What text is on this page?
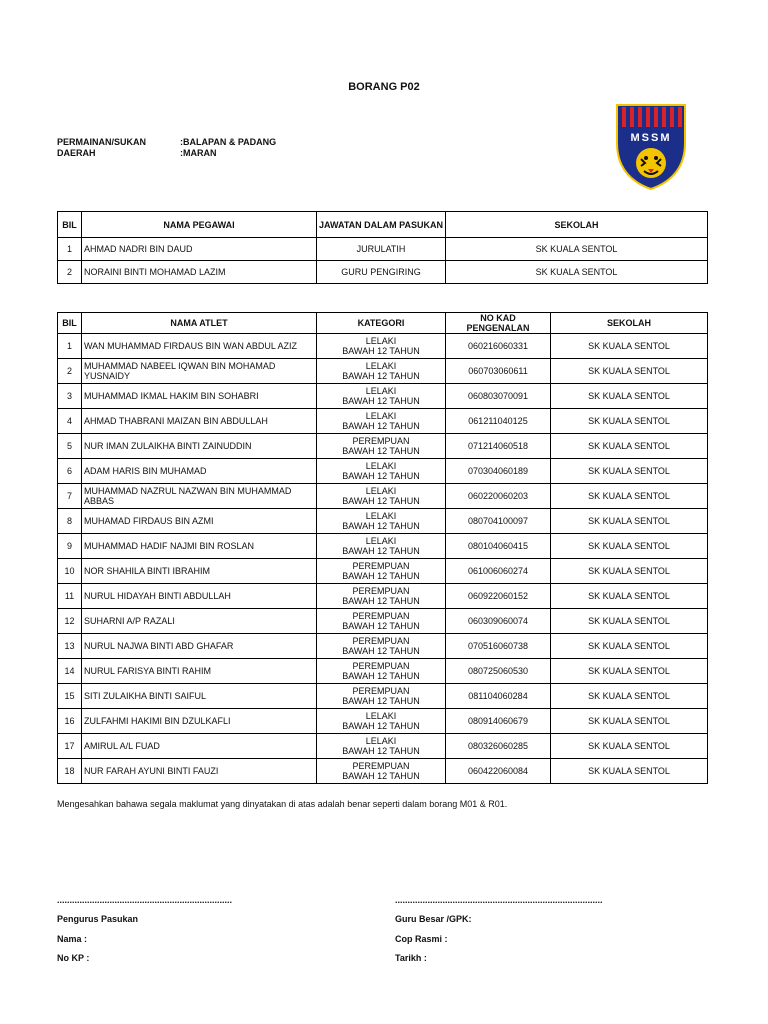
BORANG P02
PERMAINAN/SUKAN	:BALAPAN & PADANG
DAERAH	:MARAN
MSSM
BIL	NAMA PEGAWAI	JAWATAN DALAM PASUKAN	SEKOLAH
1	AHMAD NADRI BIN DAUD	JURULATIH	SK KUALA SENTOL
2	NORAINI BINTI MOHAMAD LAZIM	GURU PENGIRING	SK KUALA SENTOL
BIL	NAMA ATLET	KATEGORI	NO KAD PENGENALAN	SEKOLAH
1	WAN MUHAMMAD FIRDAUS BIN WAN ABDUL AZIZ	LELAKI
BAWAH 12 TAHUN	060216060331	SK KUALA SENTOL
2	MUHAMMAD NABEEL IQWAN BIN MOHAMAD YUSNAIDY	LELAKI
BAWAH 12 TAHUN	060703060611	SK KUALA SENTOL
3	MUHAMMAD IKMAL HAKIM BIN SOHABRI	LELAKI
BAWAH 12 TAHUN	060803070091	SK KUALA SENTOL
4	AHMAD THABRANI MAIZAN BIN ABDULLAH	LELAKI
BAWAH 12 TAHUN	061211040125	SK KUALA SENTOL
5	NUR IMAN ZULAIKHA BINTI ZAINUDDIN	PEREMPUAN
BAWAH 12 TAHUN	071214060518	SK KUALA SENTOL
6	ADAM HARIS BIN MUHAMAD	LELAKI
BAWAH 12 TAHUN	070304060189	SK KUALA SENTOL
7	MUHAMMAD NAZRUL NAZWAN BIN MUHAMMAD ABBAS	LELAKI
BAWAH 12 TAHUN	060220060203	SK KUALA SENTOL
8	MUHAMAD FIRDAUS BIN AZMI	LELAKI
BAWAH 12 TAHUN	080704100097	SK KUALA SENTOL
9	MUHAMMAD HADIF NAJMI BIN ROSLAN	LELAKI
BAWAH 12 TAHUN	080104060415	SK KUALA SENTOL
10	NOR SHAHILA BINTI IBRAHIM	PEREMPUAN
BAWAH 12 TAHUN	061006060274	SK KUALA SENTOL
11	NURUL HIDAYAH BINTI ABDULLAH	PEREMPUAN
BAWAH 12 TAHUN	060922060152	SK KUALA SENTOL
12	SUHARNI A/P RAZALI	PEREMPUAN
BAWAH 12 TAHUN	060309060074	SK KUALA SENTOL
13	NURUL NAJWA BINTI ABD GHAFAR	PEREMPUAN
BAWAH 12 TAHUN	070516060738	SK KUALA SENTOL
14	NURUL FARISYA BINTI RAHIM	PEREMPUAN
BAWAH 12 TAHUN	080725060530	SK KUALA SENTOL
15	SITI ZULAIKHA BINTI SAIFUL	PEREMPUAN
BAWAH 12 TAHUN	081104060284	SK KUALA SENTOL
16	ZULFAHMI HAKIMI BIN DZULKAFLI	LELAKI
BAWAH 12 TAHUN	080914060679	SK KUALA SENTOL
17	AMIRUL A/L FUAD	LELAKI
BAWAH 12 TAHUN	080326060285	SK KUALA SENTOL
18	NUR FARAH AYUNI BINTI FAUZI	PEREMPUAN
BAWAH 12 TAHUN	060422060084	SK KUALA SENTOL
Mengesahkan bahawa segala maklumat yang dinyatakan di atas adalah benar seperti dalam borang M01 & R01.
......................................................................
Pengurus Pasukan
Nama :
No KP :
...................................................................................
Guru Besar /GPK:
Cop Rasmi :
Tarikh :
